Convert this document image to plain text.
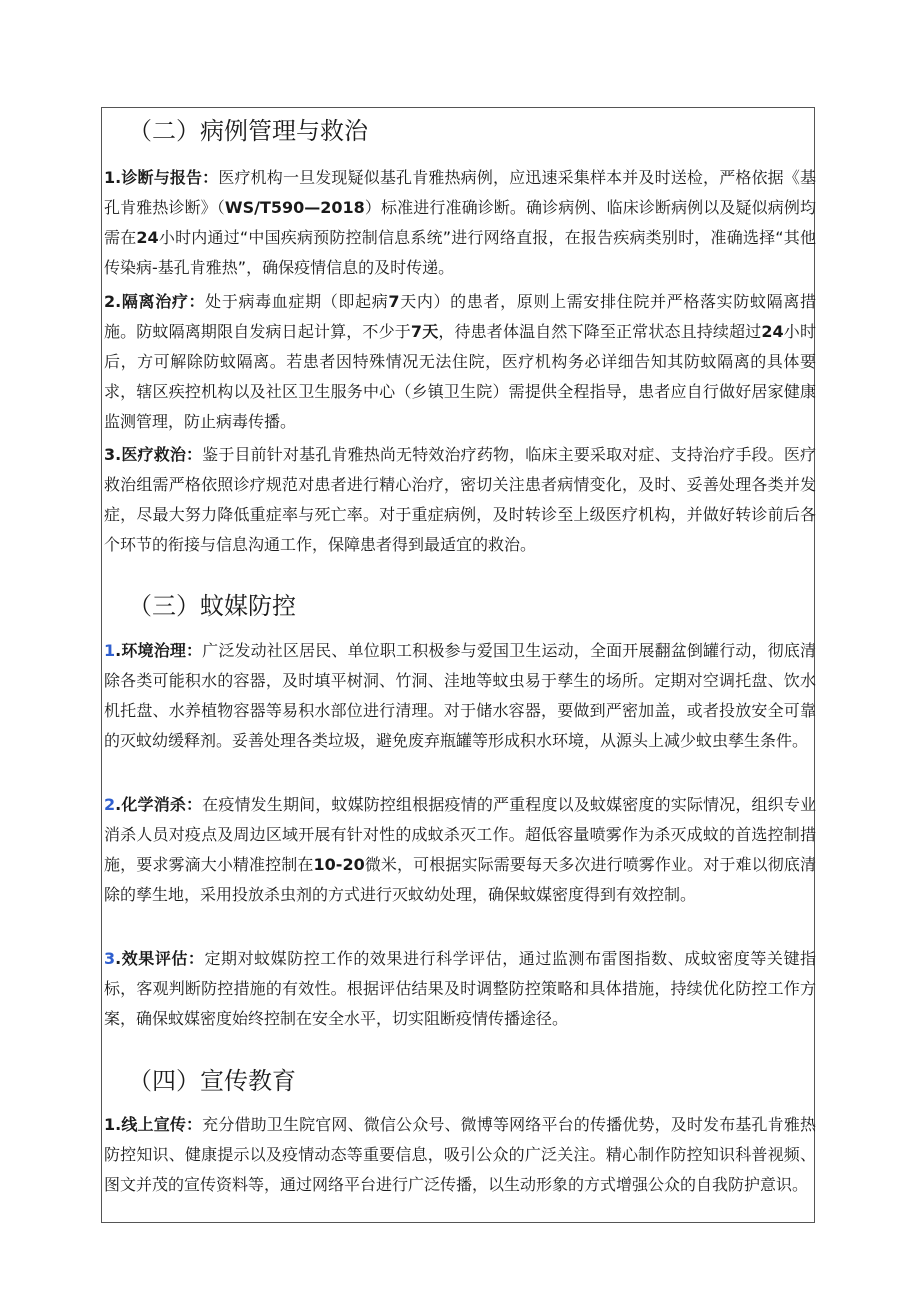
（二）病例管理与救治
1.诊断与报告：医疗机构一旦发现疑似基孔肯雅热病例，应迅速采集样本并及时送检，严格依据《基孔肯雅热诊断》（WS/T590—2018）标准进行准确诊断。确诊病例、临床诊断病例以及疑似病例均需在24小时内通过“中国疾病预防控制信息系统”进行网络直报，在报告疾病类别时，准确选择“其他传染病-基孔肯雅热”，确保疫情信息的及时传递。
2.隔离治疗：处于病毒血症期（即起病7天内）的患者，原则上需安排住院并严格落实防蚊隔离措施。防蚊隔离期限自发病日起计算，不少于7天，待患者体温自然下降至正常状态且持续超过24小时后，方可解除防蚊隔离。若患者因特殊情况无法住院，医疗机构务必详细告知其防蚊隔离的具体要求，辖区疾控机构以及社区卫生服务中心（乡镇卫生院）需提供全程指导，患者应自行做好居家健康监测管理，防止病毒传播。
3.医疗救治：鉴于目前针对基孔肯雅热尚无特效治疗药物，临床主要采取对症、支持治疗手段。医疗救治组需严格依照诊疗规范对患者进行精心治疗，密切关注患者病情变化，及时、妥善处理各类并发症，尽最大努力降低重症率与死亡率。对于重症病例，及时转诊至上级医疗机构，并做好转诊前后各个环节的衔接与信息沟通工作，保障患者得到最适宜的救治。
（三）蚊媒防控
1.环境治理：广泛发动社区居民、单位职工积极参与爱国卫生运动，全面开展翻盆倒罐行动，彻底清除各类可能积水的容器，及时填平树洞、竹洞、洼地等蚊虫易于孳生的场所。定期对空调托盘、饮水机托盘、水养植物容器等易积水部位进行清理。对于储水容器，要做到严密加盖，或者投放安全可靠的灭蚊幼缓释剂。妥善处理各类垃圾，避免废弃瓶罐等形成积水环境，从源头上减少蚊虫孳生条件。
2.化学消杀：在疫情发生期间，蚊媒防控组根据疫情的严重程度以及蚊媒密度的实际情况，组织专业消杀人员对疫点及周边区域开展有针对性的成蚊杀灭工作。超低容量喷雾作为杀灭成蚊的首选控制措施，要求雾滴大小精准控制在10-20微米，可根据实际需要每天多次进行喷雾作业。对于难以彻底清除的孳生地，采用投放杀虫剂的方式进行灭蚊幼处理，确保蚊媒密度得到有效控制。
3.效果评估：定期对蚊媒防控工作的效果进行科学评估，通过监测布雷图指数、成蚊密度等关键指标，客观判断防控措施的有效性。根据评估结果及时调整防控策略和具体措施，持续优化防控工作方案，确保蚊媒密度始终控制在安全水平，切实阻断疫情传播途径。
（四）宣传教育
1.线上宣传：充分借助卫生院官网、微信公众号、微博等网络平台的传播优势，及时发布基孔肯雅热防控知识、健康提示以及疫情动态等重要信息，吸引公众的广泛关注。精心制作防控知识科普视频、图文并茂的宣传资料等，通过网络平台进行广泛传播，以生动形象的方式增强公众的自我防护意识。
